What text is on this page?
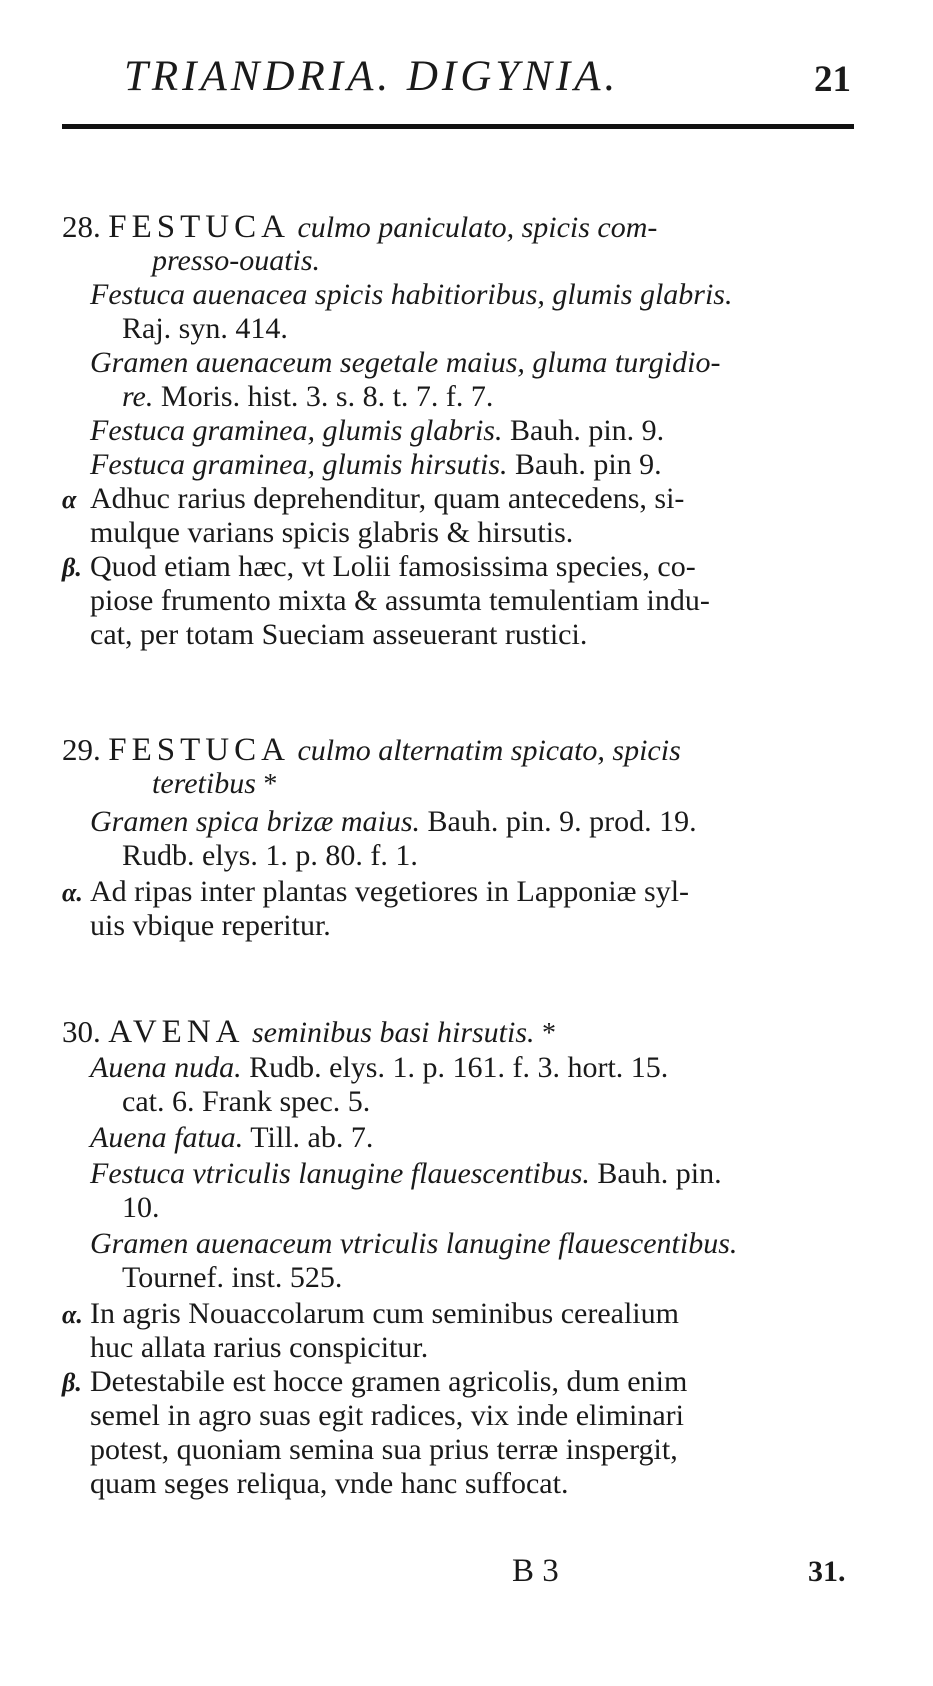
TRIANDRIA. DIGYNIA.	21
28. FESTUCA culmo paniculato, spicis com-
presso-ouatis.
Festuca auenacea spicis habitioribus, glumis glabris.
Raj. syn. 414.
Gramen auenaceum segetale maius, gluma turgidio-
re. Moris. hist. 3. s. 8. t. 7. f. 7.
Festuca graminea, glumis glabris. Bauh. pin. 9.
Festuca graminea, glumis hirsutis. Bauh. pin 9.
α Adhuc rarius deprehenditur, quam antecedens, si-
mulque varians spicis glabris & hirsutis.
β. Quod etiam hæc, vt Lolii famosissima species, co-
piose frumento mixta & assumta temulentiam indu-
cat, per totam Sueciam asseuerant rustici.
29. FESTUCA culmo alternatim spicato, spicis
teretibus *
Gramen spica brizæ maius. Bauh. pin. 9. prod. 19.
Rudb. elys. 1. p. 80. f. 1.
α. Ad ripas inter plantas vegetiores in Lapponiæ syl-
uis vbique reperitur.
30. AVENA seminibus basi hirsutis. *
Auena nuda. Rudb. elys. 1. p. 161. f. 3. hort. 15.
cat. 6. Frank spec. 5.
Auena fatua. Till. ab. 7.
Festuca vtriculis lanugine flauescentibus. Bauh. pin.
10.
Gramen auenaceum vtriculis lanugine flauescentibus.
Tournef. inst. 525.
α. In agris Nouaccolarum cum seminibus cerealium
huc allata rarius conspicitur.
β. Detestabile est hocce gramen agricolis, dum enim
semel in agro suas egit radices, vix inde eliminari
potest, quoniam semina sua prius terræ inspergit,
quam seges reliqua, vnde hanc suffocat.
B 3	31.
